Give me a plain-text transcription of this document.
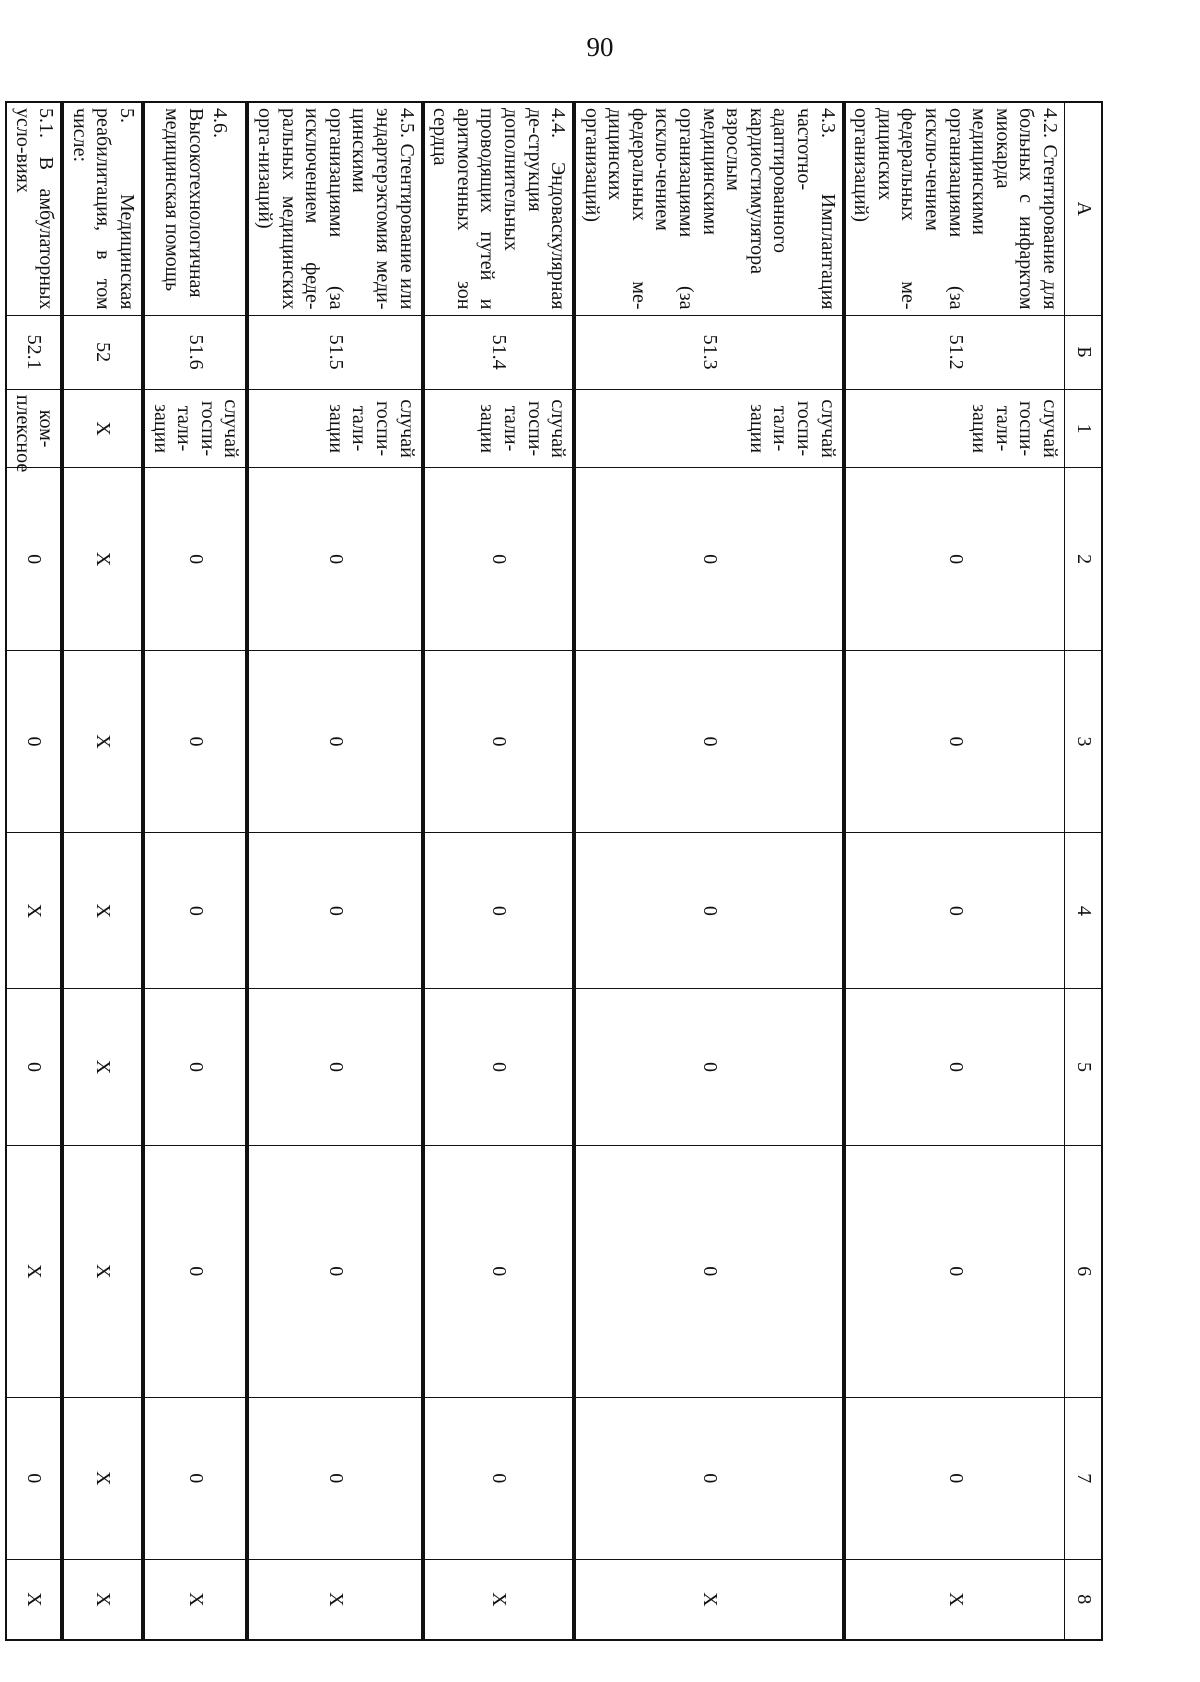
90
A	Б	1	2	3	4	5	6	7	8
4.2. Стентирование для больных с инфарктом миокарда медицинскими организациями (за исклю-чением федеральных ме-дицинских организаций)	51.2	случай госпи-тали-зации	0	0	0	0	0	0	X
4.3. Имплантация частотно-адаптированного кардиостимулятора взрослым медицинскими организациями (за исклю-чением федеральных ме-дицинских организаций)	51.3	случай госпи-тали-зации	0	0	0	0	0	0	X
4.4. Эндоваскулярная де-струкция дополнительных проводящих путей и аритмогенных зон сердца	51.4	случай госпи-тали-зации	0	0	0	0	0	0	X
4.5. Стентирование или эндартерэктомия меди-цинскими организациями (за исключением феде-ральных медицинских орга-низаций)	51.5	случай госпи-тали-зации	0	0	0	0	0	0	X
4.6. Высокотехнологичная медицинская помощь	51.6	случай госпи-тали-зации	0	0	0	0	0	0	X
5. Медицинская реабилитация, в том числе:	52	X	X	X	X	X	X	X	X
5.1. В амбулаторных усло-виях	52.1	ком-плексное	0	0	X	0	X	0	X
